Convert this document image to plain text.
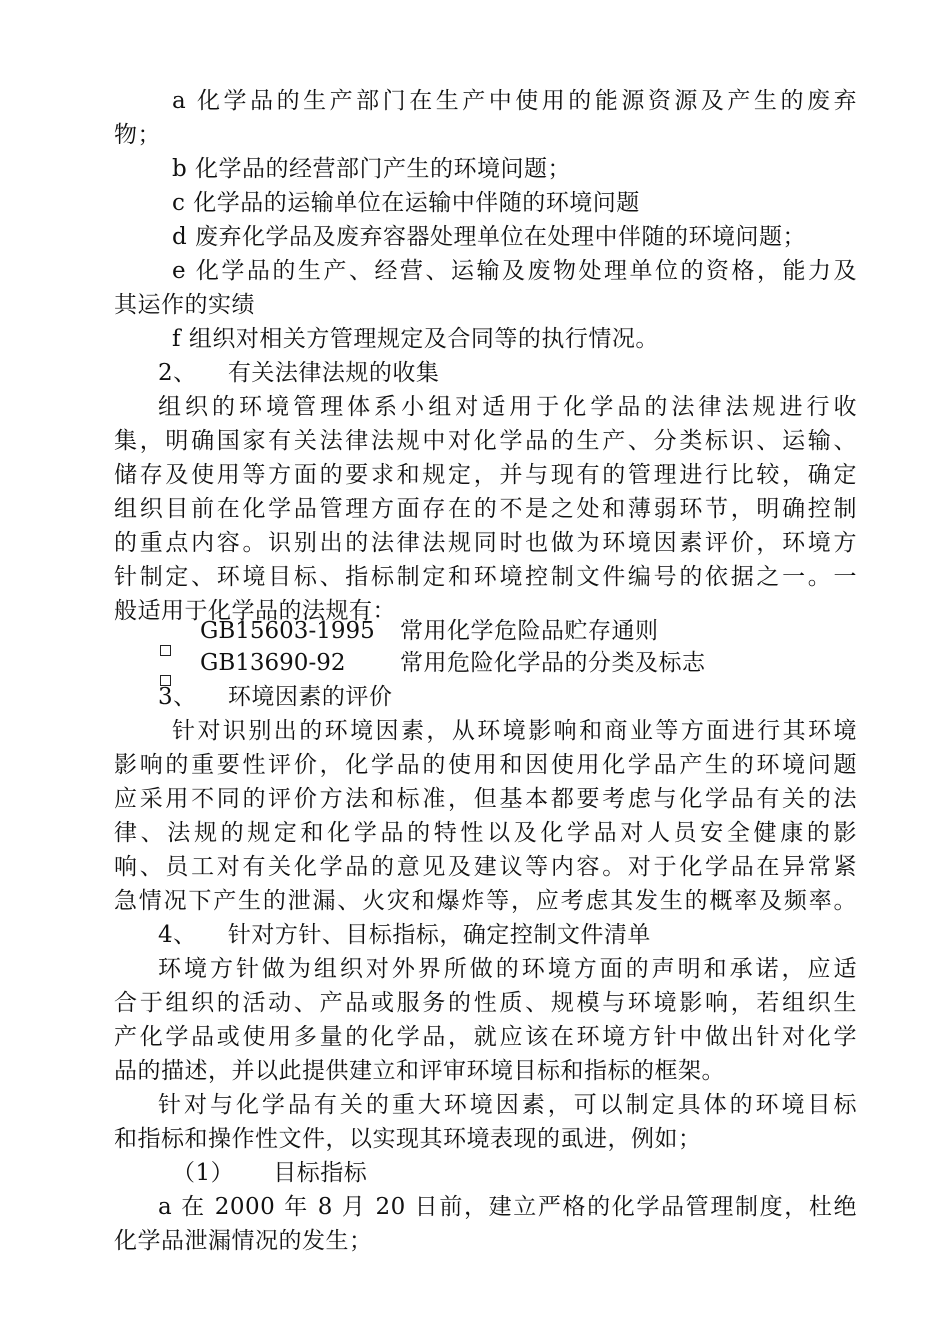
a 化学品的生产部门在生产中使用的能源资源及产生的废弃
物；
b 化学品的经营部门产生的环境问题；
c 化学品的运输单位在运输中伴随的环境问题
d 废弃化学品及废弃容器处理单位在处理中伴随的环境问题；
e 化学品的生产、经营、运输及废物处理单位的资格，能力及
其运作的实绩
f 组织对相关方管理规定及合同等的执行情况。
2、    有关法律法规的收集
组织的环境管理体系小组对适用于化学品的法律法规进行收
集，明确国家有关法律法规中对化学品的生产、分类标识、运输、
储存及使用等方面的要求和规定，并与现有的管理进行比较，确定
组织目前在化学品管理方面存在的不是之处和薄弱环节，明确控制
的重点内容。识别出的法律法规同时也做为环境因素评价，环境方
针制定、环境目标、指标制定和环境控制文件编号的依据之一。一
般适用于化学品的法规有：
GB15603-1995 常用化学危险品贮存通则
GB13690-92 常用危险化学品的分类及标志
3、    环境因素的评价
针对识别出的环境因素，从环境影响和商业等方面进行其环境
影响的重要性评价，化学品的使用和因使用化学品产生的环境问题
应采用不同的评价方法和标准，但基本都要考虑与化学品有关的法
律、法规的规定和化学品的特性以及化学品对人员安全健康的影
响、员工对有关化学品的意见及建议等内容。对于化学品在异常紧
急情况下产生的泄漏、火灾和爆炸等，应考虑其发生的概率及频率。
4、    针对方针、目标指标，确定控制文件清单
环境方针做为组织对外界所做的环境方面的声明和承诺，应适
合于组织的活动、产品或服务的性质、规模与环境影响，若组织生
产化学品或使用多量的化学品，就应该在环境方针中做出针对化学
品的描述，并以此提供建立和评审环境目标和指标的框架。
针对与化学品有关的重大环境因素，可以制定具体的环境目标
和指标和操作性文件，以实现其环境表现的虱进，例如；
（1）     目标指标
a 在 2000 年 8 月 20 日前，建立严格的化学品管理制度，杜绝
化学品泄漏情况的发生；
